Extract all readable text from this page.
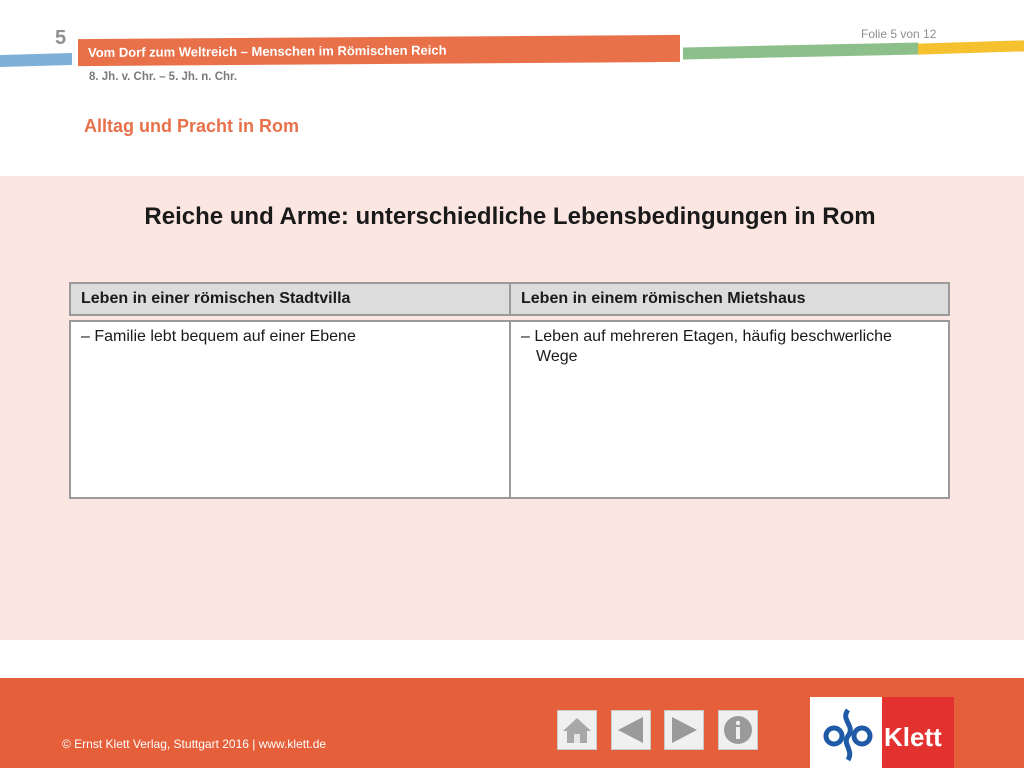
5
Vom Dorf zum Weltreich – Menschen im Römischen Reich
Folie 5 von 12
8. Jh. v. Chr. – 5. Jh. n. Chr.
Alltag und Pracht in Rom
Reiche und Arme: unterschiedliche Lebensbedingungen in Rom
Leben in einer römischen Stadtvilla	Leben in einem römischen Mietshaus
– Familie lebt bequem auf einer Ebene	– Leben auf mehreren Etagen, häufig beschwerliche
Wege
© Ernst Klett Verlag, Stuttgart 2016 | www.klett.de	Klett
